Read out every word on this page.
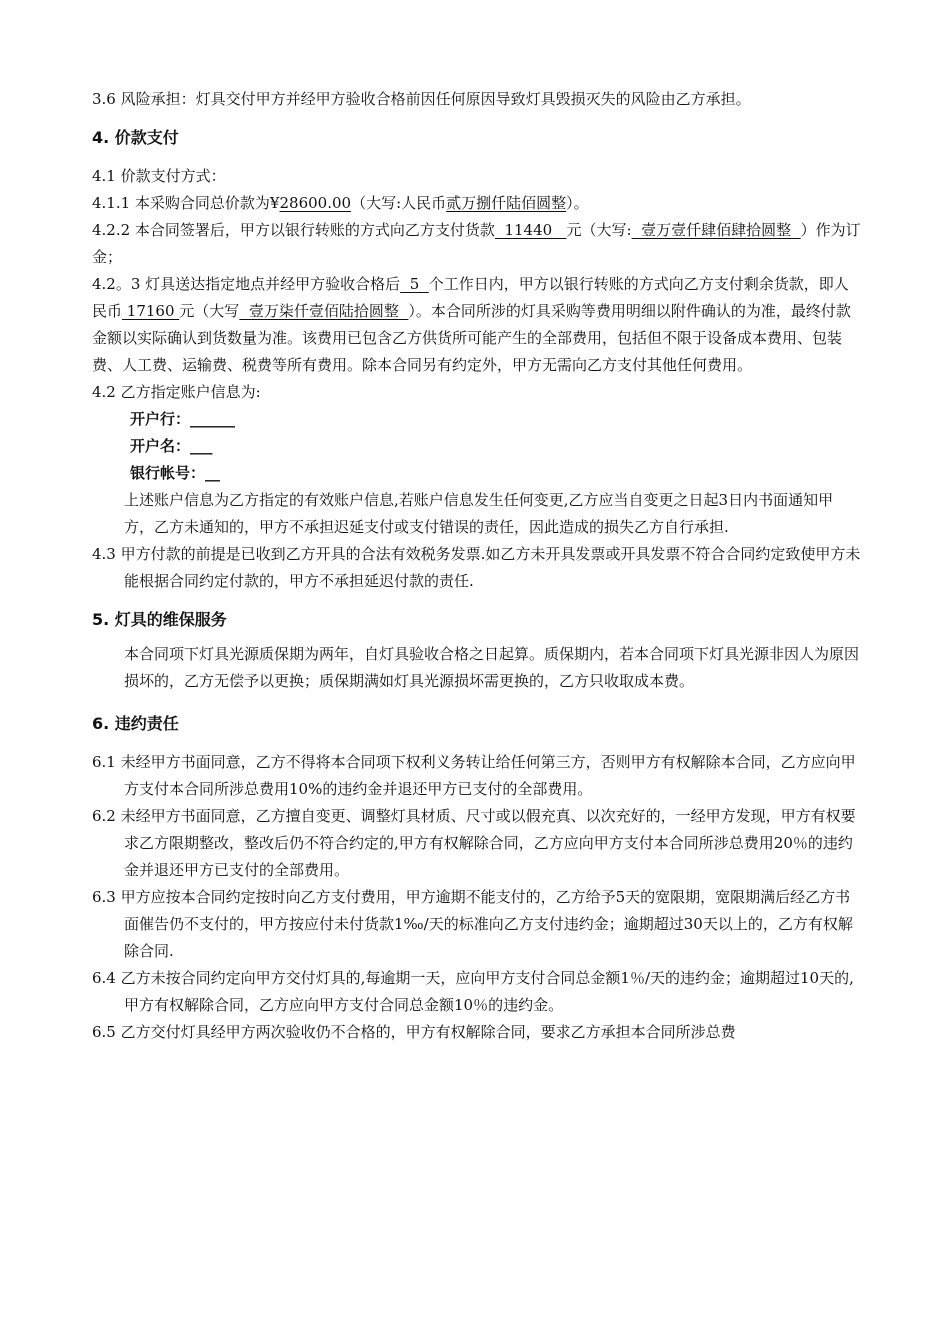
3.6 风险承担：灯具交付甲方并经甲方验收合格前因任何原因导致灯具毁损灭失的风险由乙方承担。

4. 价款支付

4.1 价款支付方式：

4.1.1 本采购合同总价款为¥28600.00（大写:人民币贰万捌仟陆佰圆整）。

4.2.2 本合同签署后，甲方以银行转账的方式向乙方支付货款  11440   元（大写:  壹万壹仟肆佰肆拾圆整  ）作为订金；

4.2。3 灯具送达指定地点并经甲方验收合格后  5  个工作日内，甲方以银行转账的方式向乙方支付剩余货款，即人民币 17160 元（大写  壹万柒仟壹佰陆拾圆整  ）。本合同所涉的灯具采购等费用明细以附件确认的为准，最终付款金额以实际确认到货数量为准。该费用已包含乙方供货所可能产生的全部费用，包括但不限于设备成本费用、包装费、人工费、运输费、税费等所有费用。除本合同另有约定外，甲方无需向乙方支付其他任何费用。

4.2 乙方指定账户信息为:

开户行：______

开户名：___

银行帐号：__

上述账户信息为乙方指定的有效账户信息,若账户信息发生任何变更,乙方应当自变更之日起3日内书面通知甲方，乙方未通知的，甲方不承担迟延支付或支付错误的责任，因此造成的损失乙方自行承担.

4.3 甲方付款的前提是已收到乙方开具的合法有效税务发票.如乙方未开具发票或开具发票不符合合同约定致使甲方未能根据合同约定付款的，甲方不承担延迟付款的责任.

5. 灯具的维保服务

本合同项下灯具光源质保期为两年，自灯具验收合格之日起算。质保期内，若本合同项下灯具光源非因人为原因损坏的，乙方无偿予以更换；质保期满如灯具光源损坏需更换的，乙方只收取成本费。

6. 违约责任

6.1 未经甲方书面同意，乙方不得将本合同项下权利义务转让给任何第三方，否则甲方有权解除本合同，乙方应向甲方支付本合同所涉总费用10%的违约金并退还甲方已支付的全部费用。

6.2 未经甲方书面同意，乙方擅自变更、调整灯具材质、尺寸或以假充真、以次充好的，一经甲方发现，甲方有权要求乙方限期整改，整改后仍不符合约定的,甲方有权解除合同，乙方应向甲方支付本合同所涉总费用20％的违约金并退还甲方已支付的全部费用。

6.3 甲方应按本合同约定按时向乙方支付费用，甲方逾期不能支付的，乙方给予5天的宽限期，宽限期满后经乙方书面催告仍不支付的，甲方按应付未付货款1‰/天的标准向乙方支付违约金；逾期超过30天以上的，乙方有权解除合同.

6.4 乙方未按合同约定向甲方交付灯具的,每逾期一天，应向甲方支付合同总金额1％/天的违约金；逾期超过10天的,甲方有权解除合同，乙方应向甲方支付合同总金额10％的违约金。

6.5 乙方交付灯具经甲方两次验收仍不合格的，甲方有权解除合同，要求乙方承担本合同所涉总费
